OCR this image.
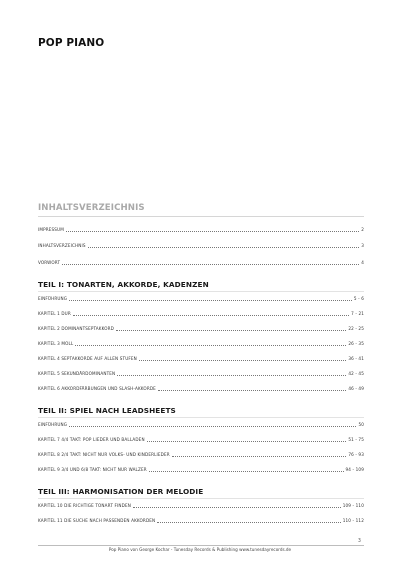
POP PIANO
INHALTSVERZEICHNIS
IMPRESSUM	2
INHALTSVERZEICHNIS	3
VORWORT	4
TEIL I: TONARTEN, AKKORDE, KADENZEN
EINFÜHRUNG	5 - 6
KAPITEL 1 DUR	7 - 21
KAPITEL 2 DOMINANTSEPTAKKORD	22 - 25
KAPITEL 3 MOLL	26 - 35
KAPITEL 4 SEPTAKKORDE AUF ALLEN STUFEN	36 - 41
KAPITEL 5 SEKUNDÄRDOMINANTEN	42 - 45
KAPITEL 6 AKKORDFÄRBUNGEN UND SLASH-AKKORDE	46 - 49
TEIL II: SPIEL NACH LEADSHEETS
EINFÜHRUNG	50
KAPITEL 7 4/4 TAKT: POP LIEDER UND BALLADEN	51 - 75
KAPITEL 8 2/4 TAKT: NICHT NUR VOLKS- UND KINDERLIEDER	76 - 93
KAPITEL 9 3/4 UND 6/8 TAKT: NICHT NUR WALZER	94 - 109
TEIL III: HARMONISATION DER MELODIE
KAPITEL 10 DIE RICHTIGE TONART FINDEN	109 - 110
KAPITEL 11 DIE SUCHE NACH PASSENDEN AKKORDEN	110 - 112
3
Pop Piano von George Kochar - Tunesday Records & Publishing www.tunesdayrecords.de
